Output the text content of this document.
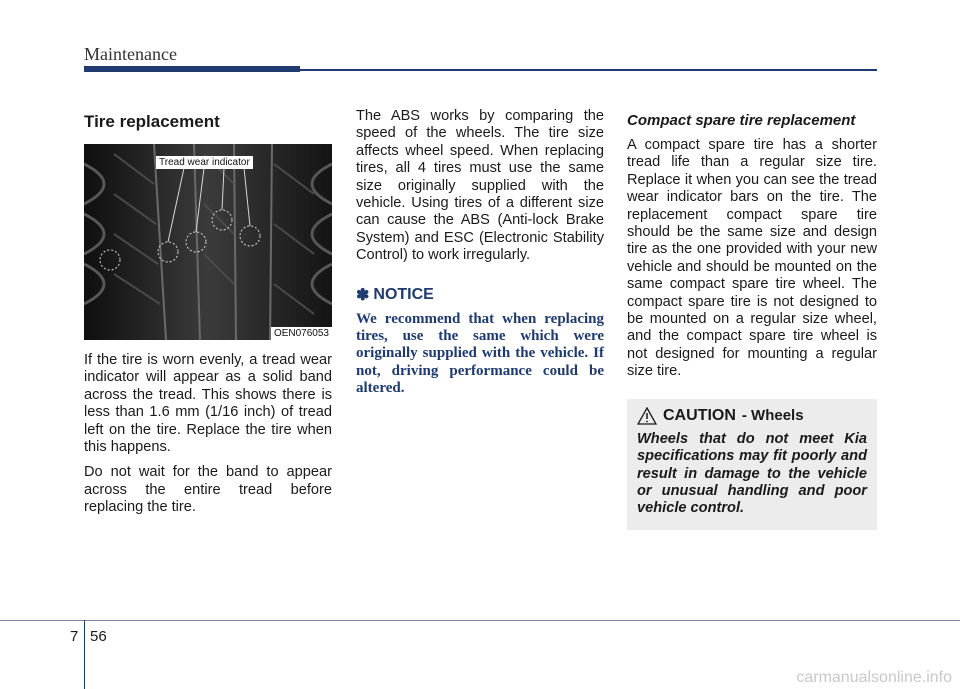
Maintenance
Tire replacement
Tread wear indicator
OEN076053

If the tire is worn evenly, a tread wear indicator will appear as a solid band across the tread. This shows there is less than 1.6 mm (1/16 inch) of tread left on the tire. Replace the tire when this happens.

Do not wait for the band to appear across the entire tread before replacing the tire.

The ABS works by comparing the speed of the wheels. The tire size affects wheel speed. When replacing tires, all 4 tires must use the same size originally supplied with the vehicle. Using tires of a different size can cause the ABS (Anti-lock Brake System) and ESC (Electronic Stability Control) to work irregularly.

✽ NOTICE

We recommend that when replacing tires, use the same which were originally supplied with the vehicle. If not, driving performance could be altered.

Compact spare tire replacement

A compact spare tire has a shorter tread life than a regular size tire. Replace it when you can see the tread wear indicator bars on the tire. The replacement compact spare tire should be the same size and design tire as the one provided with your new vehicle and should be mounted on the same compact spare tire wheel. The compact spare tire is not designed to be mounted on a regular size wheel, and the compact spare tire wheel is not designed for mounting a regular size tire.

CAUTION - Wheels

Wheels that do not meet Kia specifications may fit poorly and result in damage to the vehicle or unusual handling and poor vehicle control.

7 56
carmanualsonline.info
